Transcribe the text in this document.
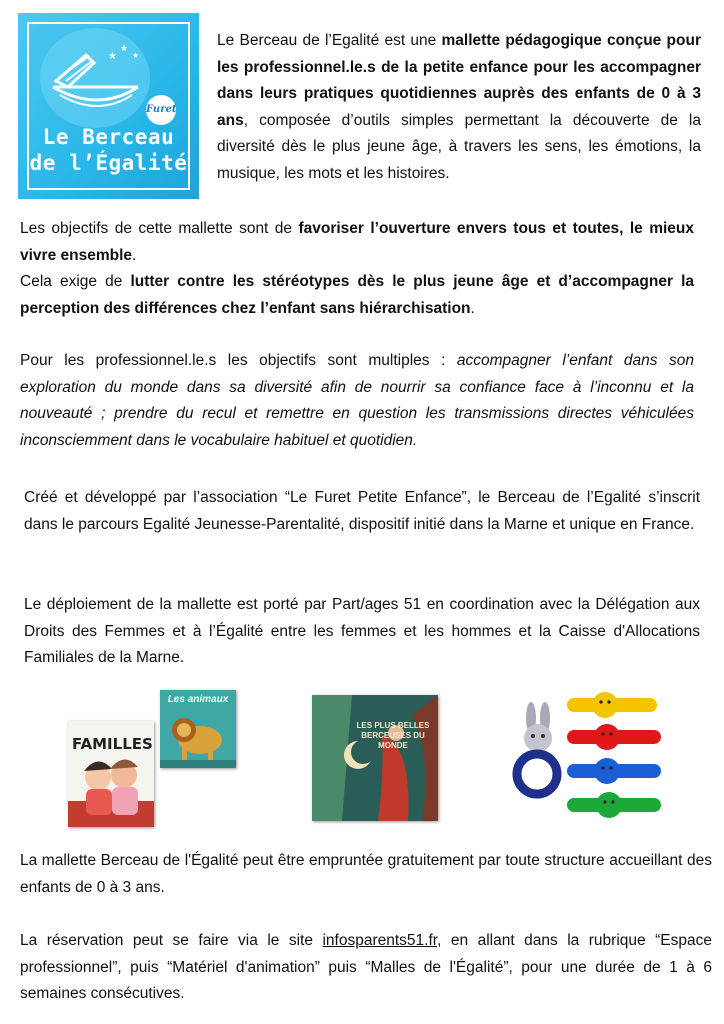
★
★
★
Furet
Le Berceau
de l’Égalité

Le Berceau de l’Egalité est une mallette pédagogique conçue pour les professionnel.le.s de la petite enfance pour les accompagner dans leurs pratiques quotidiennes auprès des enfants de 0 à 3 ans, composée d’outils simples permettant la découverte de la diversité dès le plus jeune âge, à travers les sens, les émotions, la musique, les mots et les histoires.

Les objectifs de cette mallette sont de favoriser l’ouverture envers tous et toutes, le mieux vivre ensemble.
Cela exige de lutter contre les stéréotypes dès le plus jeune âge et d’accompagner la perception des différences chez l’enfant sans hiérarchisation.

Pour les professionnel.le.s les objectifs sont multiples : accompagner l’enfant dans son exploration du monde dans sa diversité afin de nourrir sa confiance face à l’inconnu et la nouveauté ; prendre du recul et remettre en question les transmissions directes véhiculées inconsciemment dans le vocabulaire habituel et quotidien.

Créé et développé par l’association “Le Furet Petite Enfance”, le Berceau de l’Egalité s’inscrit dans le parcours Egalité Jeunesse-Parentalité, dispositif initié dans la Marne et unique en France.

Le déploiement de la mallette est porté par Part/ages 51 en coordination avec la Délégation aux Droits des Femmes et à l’Égalité entre les femmes et les hommes et la Caisse d'Allocations Familiales de la Marne.

FAMILLES
Les animaux
LES PLUS BELLES BERCEUSES DU MONDE

La mallette Berceau de l'Égalité peut être empruntée gratuitement par toute structure accueillant des enfants de 0 à 3 ans.

La réservation peut se faire via le site infosparents51.fr, en allant dans la rubrique “Espace professionnel”, puis “Matériel d'animation” puis “Malles de l'Égalité”, pour une durée de 1 à 6 semaines consécutives.
